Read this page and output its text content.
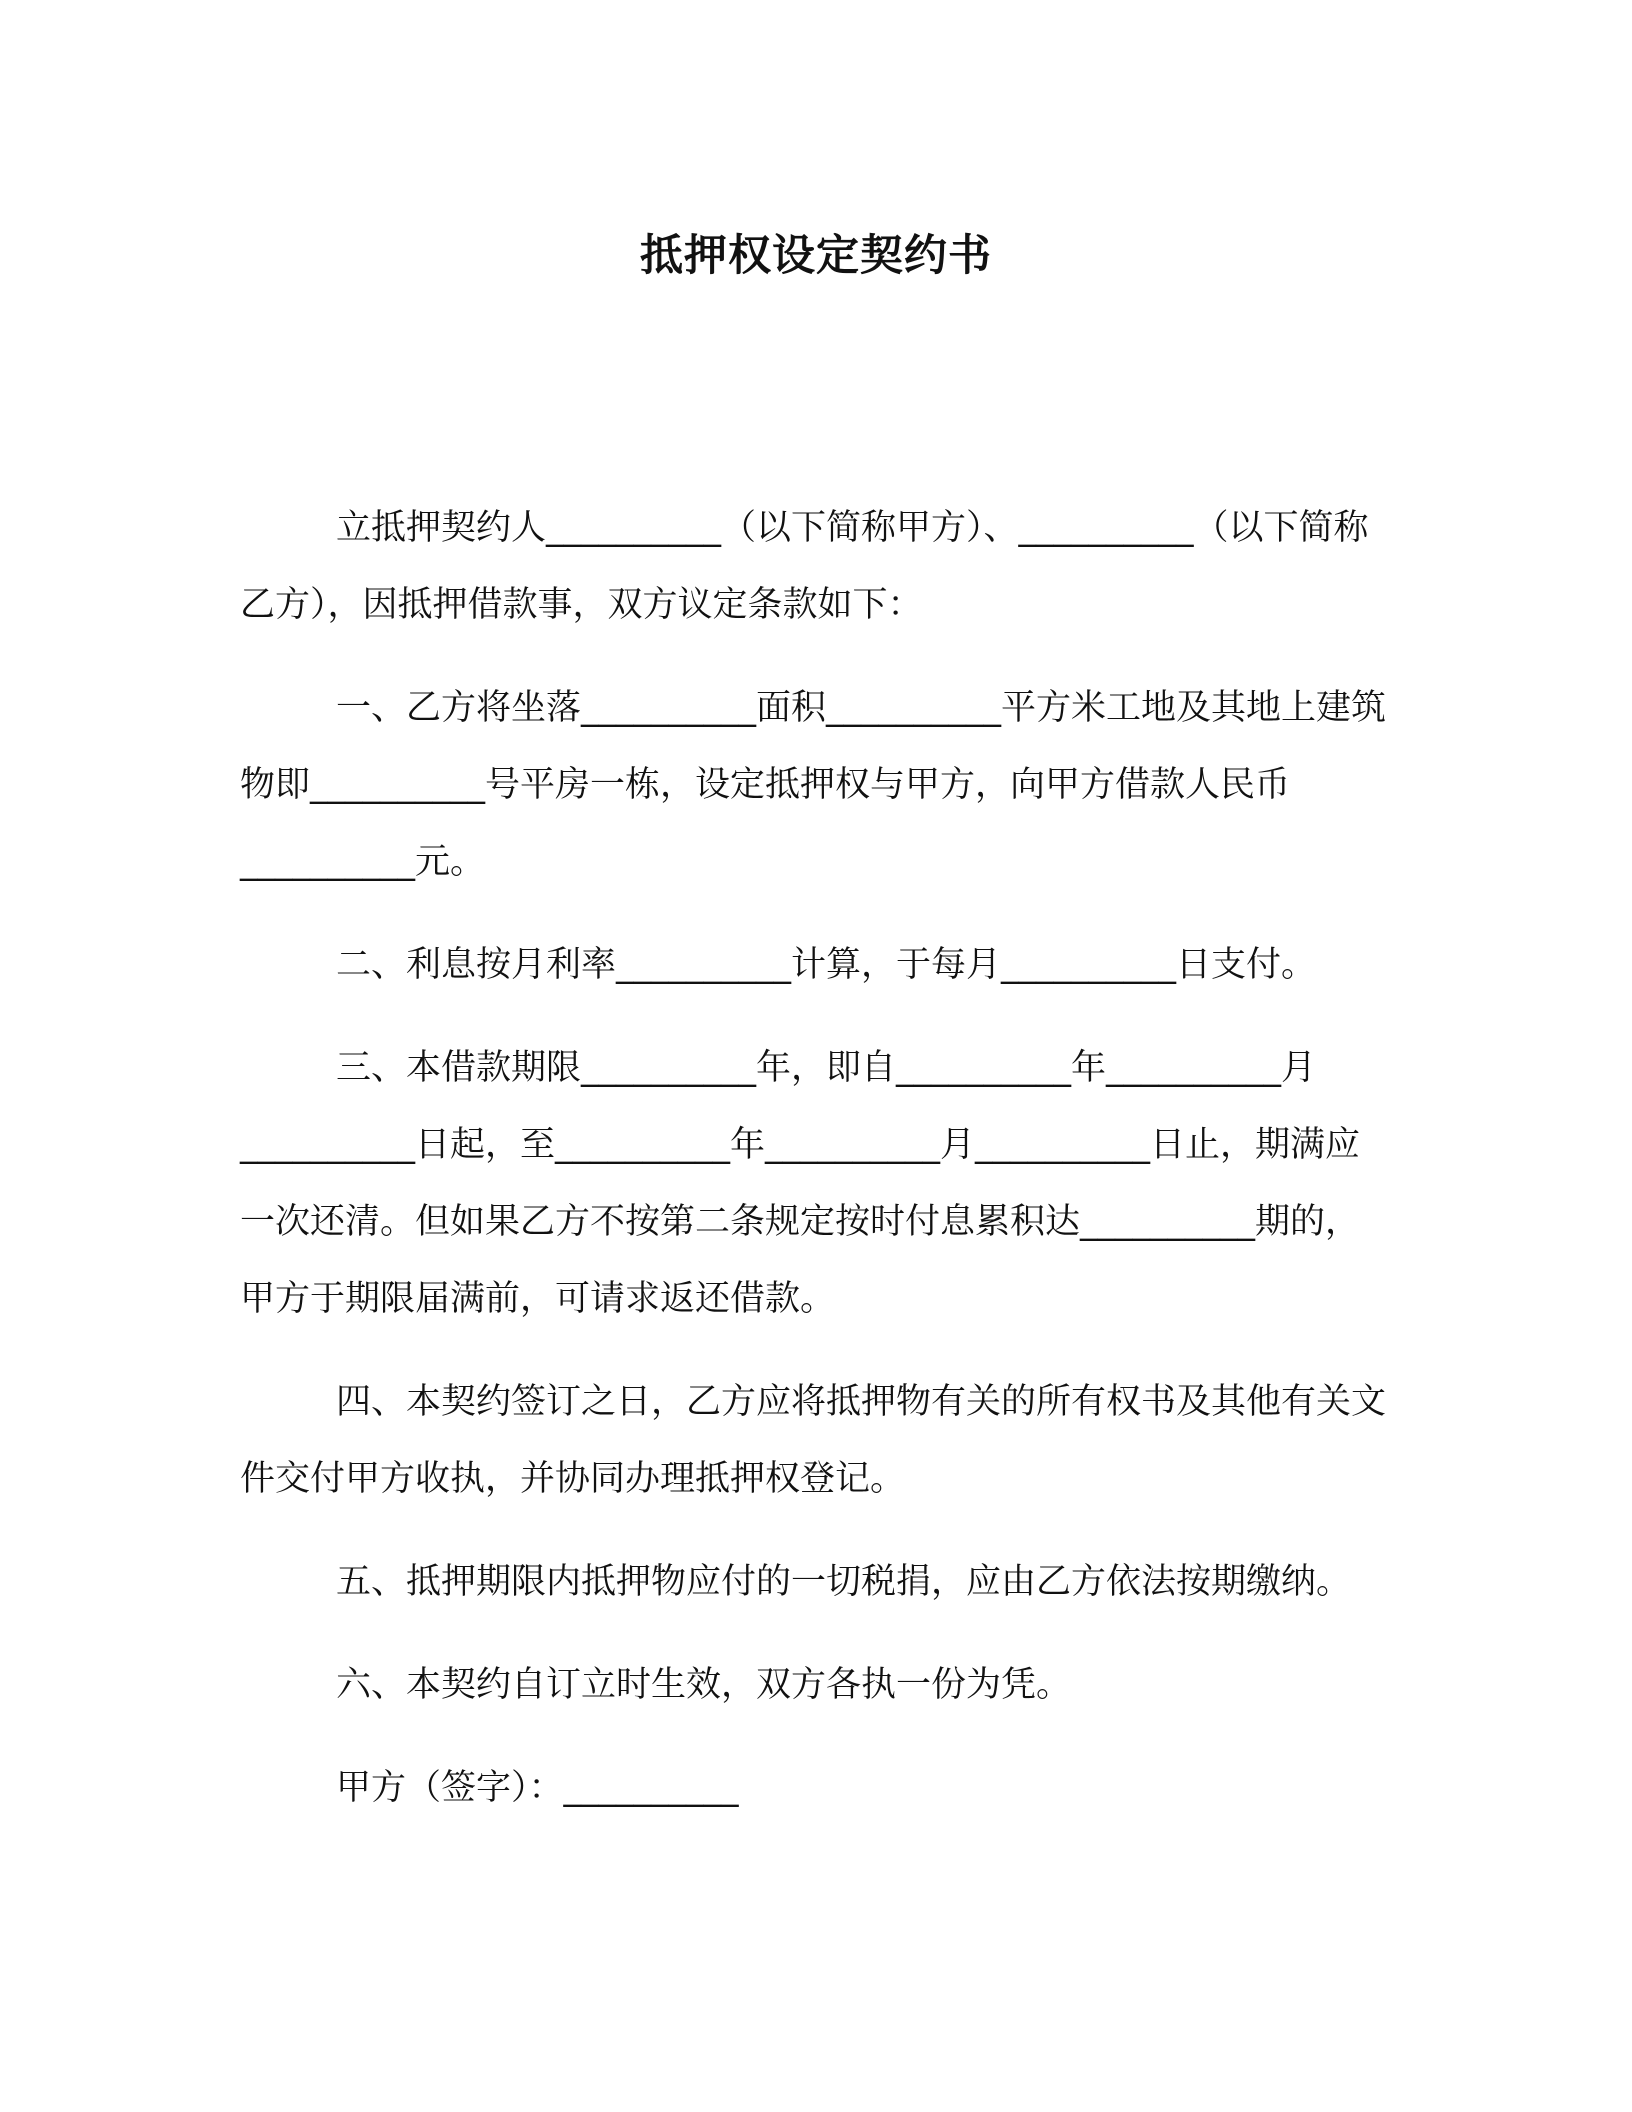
抵押权设定契约书

立抵押契约人__________（以下简称甲方）、__________（以下简称乙方），因抵押借款事，双方议定条款如下：

一、乙方将坐落__________面积__________平方米工地及其地上建筑物即__________号平房一栋，设定抵押权与甲方，向甲方借款人民币__________元。

二、利息按月利率__________计算，于每月__________日支付。

三、本借款期限__________年，即自__________年__________月__________日起，至__________年__________月__________日止，期满应一次还清。但如果乙方不按第二条规定按时付息累积达__________期的，甲方于期限届满前，可请求返还借款。

四、本契约签订之日，乙方应将抵押物有关的所有权书及其他有关文件交付甲方收执，并协同办理抵押权登记。

五、抵押期限内抵押物应付的一切税捐，应由乙方依法按期缴纳。

六、本契约自订立时生效，双方各执一份为凭。

甲方（签字）：__________
